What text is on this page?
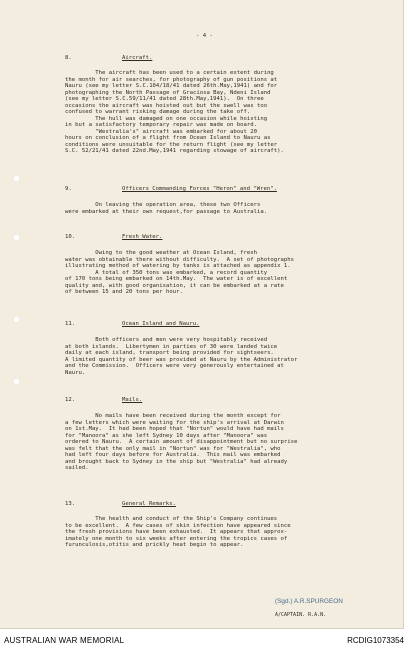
- 4 -
8.	Aircraft.
The aircraft has been used to a certain extent during
the month for air searches, for photography of gun positions at
Nauru (see my letter S.C.104/18/41 dated 26th.May,1941) and for
photographing the North Passage of Graciosa Bay, Ndeni Island
(see my letter S.C.59/11/41 dated 28th.May,1941).  On three
occasions the aircraft was hoisted out but the swell was too
confused to warrant risking damage during the take off.
The hull was damaged on one occasion while hoisting
in but a satisfactory temporary repair was made on board.
"Westralia's" aircraft was embarked for about 20
hours on conclusion of a flight from Ocean Island to Nauru as
conditions were unsuitable for the return flight (see my letter
S.C. 52/21/41 dated 22nd.May,1941 regarding stowage of aircraft).
9.	Officers Commanding Forces "Heron" and "Wren".
On leaving the operation area, these two Officers
were embarked at their own request,for passage to Australia.
10.	Fresh Water.
Owing to the good weather at Ocean Island, fresh
water was obtainable there without difficulty.  A set of photographs
illustrating method of watering by tanks is attached as appendix 1.
A total of 350 tons was embarked, a record quantity
of 170 tons being embarked on 14th.May.  The water is of excellent
quality and, with good organisation, it can be embarked at a rate
of between 15 and 20 tons per hour.
11.	Ocean Island and Nauru.
Both officers and men were very hospitably received
at both islands.  Libertymen in parties of 30 were landed twice
daily at each island, transport being provided for sightseers.
A limited quantity of beer was provided at Nauru by the Administrator
and the Commission.  Officers were very generously entertained at
Nauru.
12.	Mails.
No mails have been received during the month except for
a few letters which were waiting for the ship's arrival at Darwin
on 1st.May.  It had been hoped that "Nortun" would have had mails
for "Manoora" as she left Sydney 10 days after "Manoora" was
ordered to Nauru.  A certain amount of disappointment but no surprise
was felt that the only mail in "Nortun" was for "Westralia", who
had left four days before for Australia.  This mail was embarked
and brought back to Sydney in the ship but "Westralia" had already
sailed.
13.	General Remarks.
The health and conduct of the Ship's Company continues
to be excellent.  A few cases of skin infection have appeared since
the fresh provisions have been exhausted.  It appears that approx-
imately one month to six weeks after entering the tropics cases of
furunculosis,otitis and prickly heat begin to appear.
(Sgd.) A.R.SPURGEON
A/CAPTAIN. R.A.N.
AUSTRALIAN WAR MEMORIAL	RCDIG1073354
